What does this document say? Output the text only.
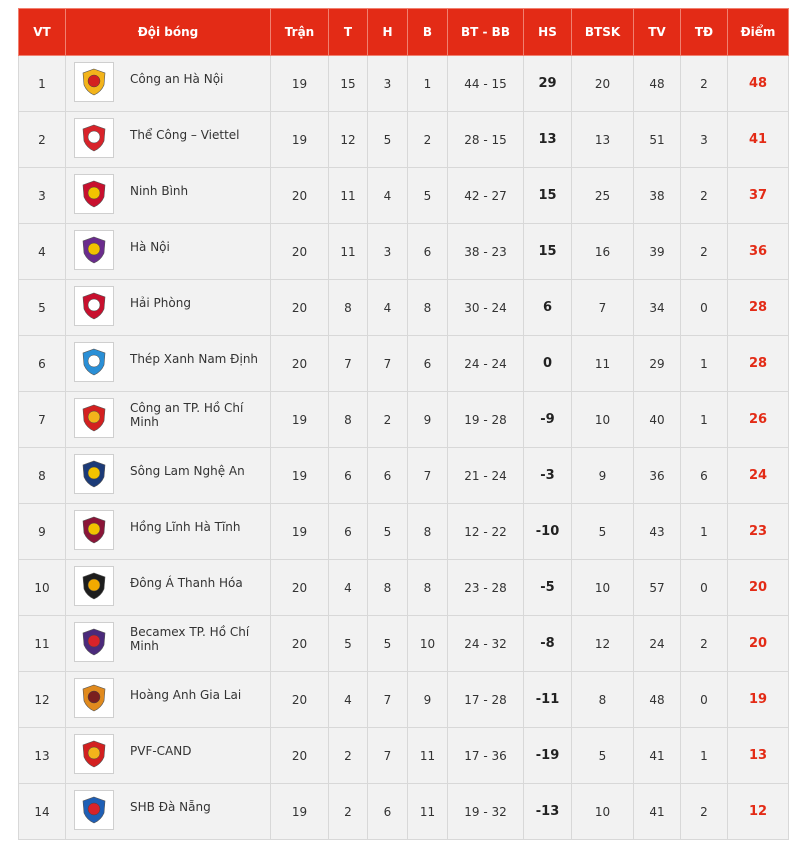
VT	Đội bóng	Trận	T	H	B	BT - BB	HS	BTSK	TV	TĐ	Điểm
1	Công an Hà Nội	19	15	3	1	44 - 15	29	20	48	2	48
2	Thể Công – Viettel	19	12	5	2	28 - 15	13	13	51	3	41
3	Ninh Bình	20	11	4	5	42 - 27	15	25	38	2	37
4	Hà Nội	20	11	3	6	38 - 23	15	16	39	2	36
5	Hải Phòng	20	8	4	8	30 - 24	6	7	34	0	28
6	Thép Xanh Nam Định	20	7	7	6	24 - 24	0	11	29	1	28
7	Công an TP. Hồ Chí Minh	19	8	2	9	19 - 28	-9	10	40	1	26
8	Sông Lam Nghệ An	19	6	6	7	21 - 24	-3	9	36	6	24
9	Hồng Lĩnh Hà Tĩnh	19	6	5	8	12 - 22	-10	5	43	1	23
10	Đông Á Thanh Hóa	20	4	8	8	23 - 28	-5	10	57	0	20
11	Becamex TP. Hồ Chí Minh	20	5	5	10	24 - 32	-8	12	24	2	20
12	Hoàng Anh Gia Lai	20	4	7	9	17 - 28	-11	8	48	0	19
13	PVF-CAND	20	2	7	11	17 - 36	-19	5	41	1	13
14	SHB Đà Nẵng	19	2	6	11	19 - 32	-13	10	41	2	12
